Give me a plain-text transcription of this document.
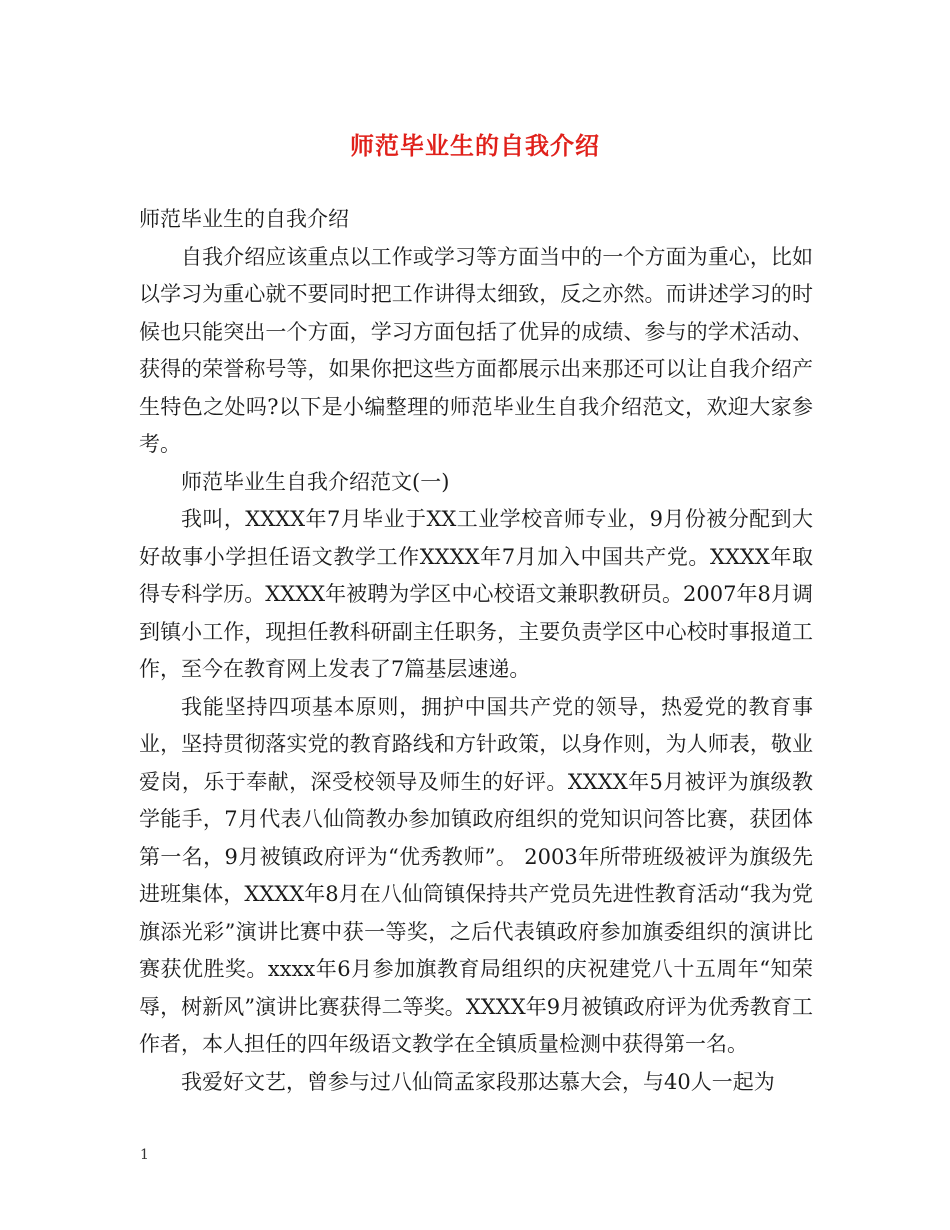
师范毕业生的自我介绍

师范毕业生的自我介绍

自我介绍应该重点以工作或学习等方面当中的一个方面为重心，比如以学习为重心就不要同时把工作讲得太细致，反之亦然。而讲述学习的时候也只能突出一个方面，学习方面包括了优异的成绩、参与的学术活动、获得的荣誉称号等，如果你把这些方面都展示出来那还可以让自我介绍产生特色之处吗?以下是小编整理的师范毕业生自我介绍范文，欢迎大家参考。

师范毕业生自我介绍范文(一)

我叫，XXXX年7月毕业于XX工业学校音师专业，9月份被分配到大好故事小学担任语文教学工作XXXX年7月加入中国共产党。XXXX年取得专科学历。XXXX年被聘为学区中心校语文兼职教研员。2007年8月调到镇小工作，现担任教科研副主任职务，主要负责学区中心校时事报道工作，至今在教育网上发表了7篇基层速递。

我能坚持四项基本原则，拥护中国共产党的领导，热爱党的教育事业，坚持贯彻落实党的教育路线和方针政策，以身作则，为人师表，敬业爱岗，乐于奉献，深受校领导及师生的好评。XXXX年5月被评为旗级教学能手，7月代表八仙筒教办参加镇政府组织的党知识问答比赛，获团体第一名，9月被镇政府评为“优秀教师”。 2003年所带班级被评为旗级先进班集体，XXXX年8月在八仙筒镇保持共产党员先进性教育活动“我为党旗添光彩”演讲比赛中获一等奖，之后代表镇政府参加旗委组织的演讲比赛获优胜奖。xxxx年6月参加旗教育局组织的庆祝建党八十五周年“知荣辱，树新风”演讲比赛获得二等奖。XXXX年9月被镇政府评为优秀教育工作者，本人担任的四年级语文教学在全镇质量检测中获得第一名。

我爱好文艺，曾参与过八仙筒孟家段那达慕大会，与40人一起为

1
